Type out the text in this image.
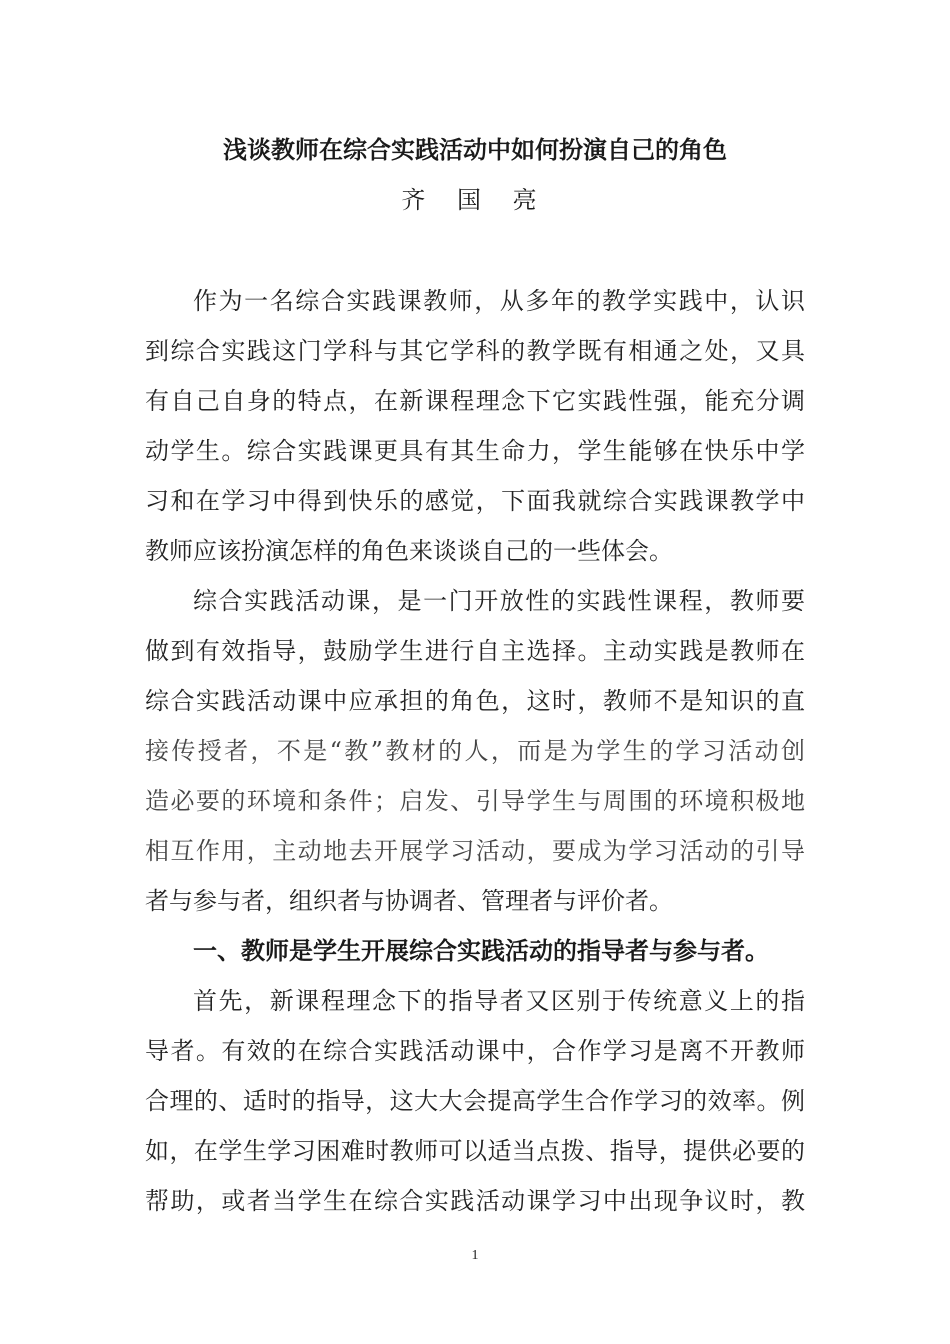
浅谈教师在综合实践活动中如何扮演自己的角色
齐 国 亮
作为一名综合实践课教师，从多年的教学实践中，认识
到综合实践这门学科与其它学科的教学既有相通之处，又具
有自己自身的特点，在新课程理念下它实践性强，能充分调
动学生。综合实践课更具有其生命力，学生能够在快乐中学
习和在学习中得到快乐的感觉，下面我就综合实践课教学中
教师应该扮演怎样的角色来谈谈自己的一些体会。
综合实践活动课，是一门开放性的实践性课程，教师要
做到有效指导，鼓励学生进行自主选择。主动实践是教师在
综合实践活动课中应承担的角色，这时，教师不是知识的直
接传授者，不是“教”教材的人，而是为学生的学习活动创
造必要的环境和条件；启发、引导学生与周围的环境积极地
相互作用，主动地去开展学习活动，要成为学习活动的引导
者与参与者，组织者与协调者、管理者与评价者。
一、教师是学生开展综合实践活动的指导者与参与者。
首先，新课程理念下的指导者又区别于传统意义上的指
导者。有效的在综合实践活动课中，合作学习是离不开教师
合理的、适时的指导，这大大会提高学生合作学习的效率。例
如，在学生学习困难时教师可以适当点拨、指导，提供必要的
帮助，或者当学生在综合实践活动课学习中出现争议时，教
1
